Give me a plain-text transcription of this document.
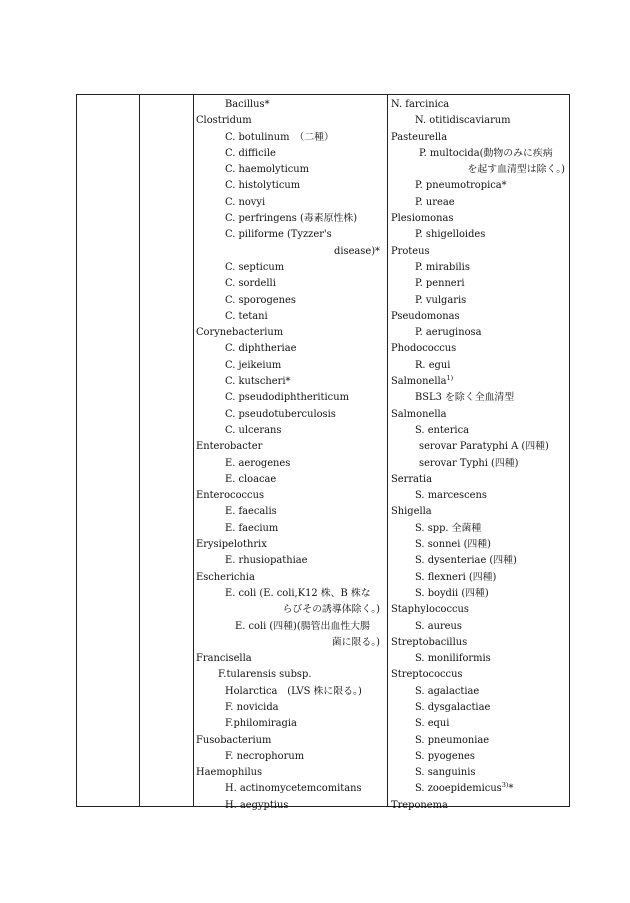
Bacillus*
Clostridum
C. botulinum　（二種）
C. difficile
C. haemolyticum
C. histolyticum
C. novyi
C. perfringens (毒素原性株)
C. piliforme (Tyzzer's
disease)*
C. septicum
C. sordelli
C. sporogenes
C. tetani
Corynebacterium
C. diphtheriae
C. jeikeium
C. kutscheri*
C. pseudodiphtheriticum
C. pseudotuberculosis
C. ulcerans
Enterobacter
E. aerogenes
E. cloacae
Enterococcus
E. faecalis
E. faecium
Erysipelothrix
E. rhusiopathiae
Escherichia
E. coli (E. coli,K12 株、B 株な
らびその誘導体除く。)
E. coli (四種)(腸管出血性大腸
菌に限る。)
Francisella
F.tularensis subsp.
Holarctica　(LVS 株に限る。)
F. novicida
F.philomiragia
Fusobacterium
F. necrophorum
Haemophilus
H. actinomycetemcomitans
H. aegyptius
N. farcinica
N. otitidiscaviarum
Pasteurella
P. multocida(動物のみに疾病
を起す血清型は除く。)
P. pneumotropica*
P. ureae
Plesiomonas
P. shigelloides
Proteus
P. mirabilis
P. penneri
P. vulgaris
Pseudomonas
P. aeruginosa
Phodococcus
R. egui
Salmonella$^{1)}$
BSL3 を除く全血清型
Salmonella
S. enterica
serovar Paratyphi A (四種)
serovar Typhi (四種)
Serratia
S. marcescens
Shigella
S. spp. 全菌種
S. sonnei (四種)
S. dysenteriae (四種)
S. flexneri (四種)
S. boydii (四種)
Staphylococcus
S. aureus
Streptobacillus
S. moniliformis
Streptococcus
S. agalactiae
S. dysgalactiae
S. equi
S. pneumoniae
S. pyogenes
S. sanguinis
S. zooepidemicus$^{3)}$*
Treponema
